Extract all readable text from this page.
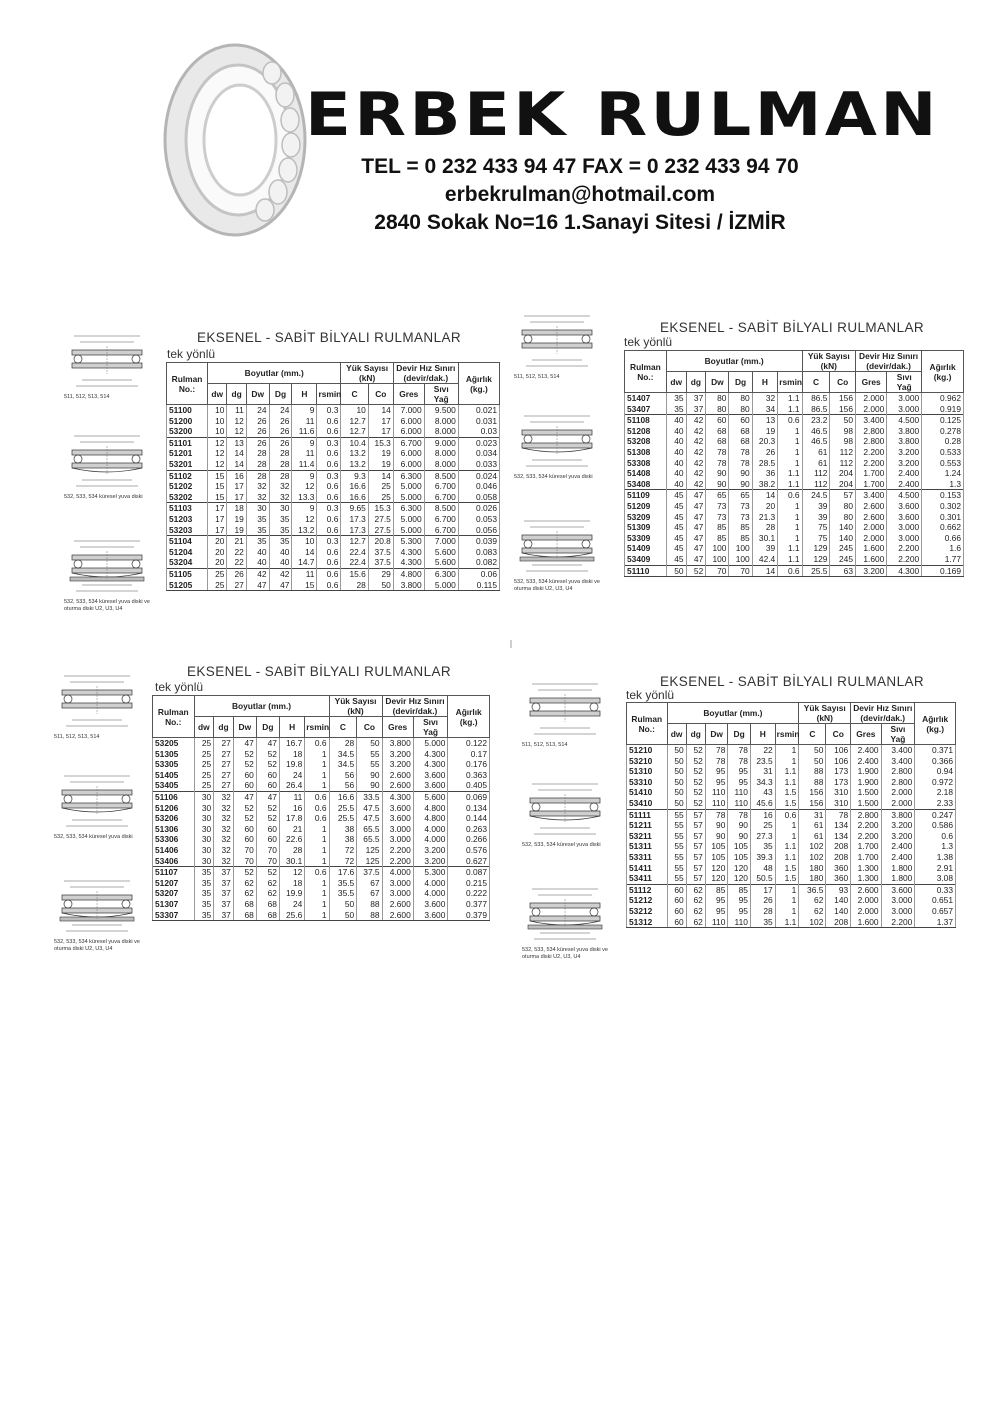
ERBEK RULMAN
TEL = 0 232 433 94 47 FAX = 0 232 433 94 70
erbekrulman@hotmail.com
2840 Sokak No=16 1.Sanayi Sitesi / İZMİR
511, 512, 513, 514
532, 533, 534 küresel yuva diski
532, 533, 534 küresel yuva diski ve oturma diski U2, U3, U4
EKSENEL - SABİT BİLYALI RULMANLAR
tek yönlü
Rulman No.:	Boyutlar (mm.)						Yük Sayısı (kN)		Devir Hız Sınırı (devir/dak.)		Ağırlık (kg.)
	dw	dg	Dw	Dg	H	rsmin	C	Co	Gres	Sıvı Yağ	
51100	10	11	24	24	9	0.3	10	14	7.000	9.500	0.021
51200	10	12	26	26	11	0.6	12.7	17	6.000	8.000	0.031
53200	10	12	26	26	11.6	0.6	12.7	17	6.000	8.000	0.03
51101	12	13	26	26	9	0.3	10.4	15.3	6.700	9.000	0.023
51201	12	14	28	28	11	0.6	13.2	19	6.000	8.000	0.034
53201	12	14	28	28	11.4	0.6	13.2	19	6.000	8.000	0.033
51102	15	16	28	28	9	0.3	9.3	14	6.300	8.500	0.024
51202	15	17	32	32	12	0.6	16.6	25	5.000	6.700	0.046
53202	15	17	32	32	13.3	0.6	16.6	25	5.000	6.700	0.058
51103	17	18	30	30	9	0.3	9.65	15.3	6.300	8.500	0.026
51203	17	19	35	35	12	0.6	17.3	27.5	5.000	6.700	0.053
53203	17	19	35	35	13.2	0.6	17.3	27.5	5.000	6.700	0.056
51104	20	21	35	35	10	0.3	12.7	20.8	5.300	7.000	0.039
51204	20	22	40	40	14	0.6	22.4	37.5	4.300	5.600	0.083
53204	20	22	40	40	14.7	0.6	22.4	37.5	4.300	5.600	0.082
51105	25	26	42	42	11	0.6	15.6	29	4.800	6.300	0.06
51205	25	27	47	47	15	0.6	28	50	3.800	5.000	0.115
511, 512, 513, 514
532, 533, 534 küresel yuva diski
532, 533, 534 küresel yuva diski ve oturma diski U2, U3, U4
EKSENEL - SABİT BİLYALI RULMANLAR
tek yönlü
Rulman No.:	Boyutlar (mm.)						Yük Sayısı (kN)		Devir Hız Sınırı (devir/dak.)		Ağırlık (kg.)
	dw	dg	Dw	Dg	H	rsmin	C	Co	Gres	Sıvı Yağ	
51407	35	37	80	80	32	1.1	86.5	156	2.000	3.000	0.962
53407	35	37	80	80	34	1.1	86.5	156	2.000	3.000	0.919
51108	40	42	60	60	13	0.6	23.2	50	3.400	4.500	0.125
51208	40	42	68	68	19	1	46.5	98	2.800	3.800	0.278
53208	40	42	68	68	20.3	1	46.5	98	2.800	3.800	0.28
51308	40	42	78	78	26	1	61	112	2.200	3.200	0.533
53308	40	42	78	78	28.5	1	61	112	2.200	3.200	0.553
51408	40	42	90	90	36	1.1	112	204	1.700	2.400	1.24
53408	40	42	90	90	38.2	1.1	112	204	1.700	2.400	1.3
51109	45	47	65	65	14	0.6	24.5	57	3.400	4.500	0.153
51209	45	47	73	73	20	1	39	80	2.600	3.600	0.302
53209	45	47	73	73	21.3	1	39	80	2.600	3.600	0.301
51309	45	47	85	85	28	1	75	140	2.000	3.000	0.662
53309	45	47	85	85	30.1	1	75	140	2.000	3.000	0.66
51409	45	47	100	100	39	1.1	129	245	1.600	2.200	1.6
53409	45	47	100	100	42.4	1.1	129	245	1.600	2.200	1.77
51110	50	52	70	70	14	0.6	25.5	63	3.200	4.300	0.169
511, 512, 513, 514
532, 533, 534 küresel yuva diski
532, 533, 534 küresel yuva diski ve oturma diski U2, U3, U4
EKSENEL - SABİT BİLYALI RULMANLAR
tek yönlü
Rulman No.:	Boyutlar (mm.)						Yük Sayısı (kN)		Devir Hız Sınırı (devir/dak.)		Ağırlık (kg.)
	dw	dg	Dw	Dg	H	rsmin	C	Co	Gres	Sıvı Yağ	
53205	25	27	47	47	16.7	0.6	28	50	3.800	5.000	0.122
51305	25	27	52	52	18	1	34.5	55	3.200	4.300	0.17
53305	25	27	52	52	19.8	1	34.5	55	3.200	4.300	0.176
51405	25	27	60	60	24	1	56	90	2.600	3.600	0.363
53405	25	27	60	60	26.4	1	56	90	2.600	3.600	0.405
51106	30	32	47	47	11	0.6	16.6	33.5	4.300	5.600	0.069
51206	30	32	52	52	16	0.6	25.5	47.5	3.600	4.800	0.134
53206	30	32	52	52	17.8	0.6	25.5	47.5	3.600	4.800	0.144
51306	30	32	60	60	21	1	38	65.5	3.000	4.000	0.263
53306	30	32	60	60	22.6	1	38	65.5	3.000	4.000	0.266
51406	30	32	70	70	28	1	72	125	2.200	3.200	0.576
53406	30	32	70	70	30.1	1	72	125	2.200	3.200	0.627
51107	35	37	52	52	12	0.6	17.6	37.5	4.000	5.300	0.087
51207	35	37	62	62	18	1	35.5	67	3.000	4.000	0.215
53207	35	37	62	62	19.9	1	35.5	67	3.000	4.000	0.222
51307	35	37	68	68	24	1	50	88	2.600	3.600	0.377
53307	35	37	68	68	25.6	1	50	88	2.600	3.600	0.379
511, 512, 513, 514
532, 533, 534 küresel yuva diski
532, 533, 534 küresel yuva diski ve oturma diski U2, U3, U4
EKSENEL - SABİT BİLYALI RULMANLAR
tek yönlü
Rulman No.:	Boyutlar (mm.)						Yük Sayısı (kN)		Devir Hız Sınırı (devir/dak.)		Ağırlık (kg.)
	dw	dg	Dw	Dg	H	rsmin	C	Co	Gres	Sıvı Yağ	
51210	50	52	78	78	22	1	50	106	2.400	3.400	0.371
53210	50	52	78	78	23.5	1	50	106	2.400	3.400	0.366
51310	50	52	95	95	31	1.1	88	173	1.900	2.800	0.94
53310	50	52	95	95	34.3	1.1	88	173	1.900	2.800	0.972
51410	50	52	110	110	43	1.5	156	310	1.500	2.000	2.18
53410	50	52	110	110	45.6	1.5	156	310	1.500	2.000	2.33
51111	55	57	78	78	16	0.6	31	78	2.800	3.800	0.247
51211	55	57	90	90	25	1	61	134	2.200	3.200	0.586
53211	55	57	90	90	27.3	1	61	134	2.200	3.200	0.6
51311	55	57	105	105	35	1.1	102	208	1.700	2.400	1.3
53311	55	57	105	105	39.3	1.1	102	208	1.700	2.400	1.38
51411	55	57	120	120	48	1.5	180	360	1.300	1.800	2.91
53411	55	57	120	120	50.5	1.5	180	360	1.300	1.800	3.08
51112	60	62	85	85	17	1	36.5	93	2.600	3.600	0.33
51212	60	62	95	95	26	1	62	140	2.000	3.000	0.651
53212	60	62	95	95	28	1	62	140	2.000	3.000	0.657
51312	60	62	110	110	35	1.1	102	208	1.600	2.200	1.37
